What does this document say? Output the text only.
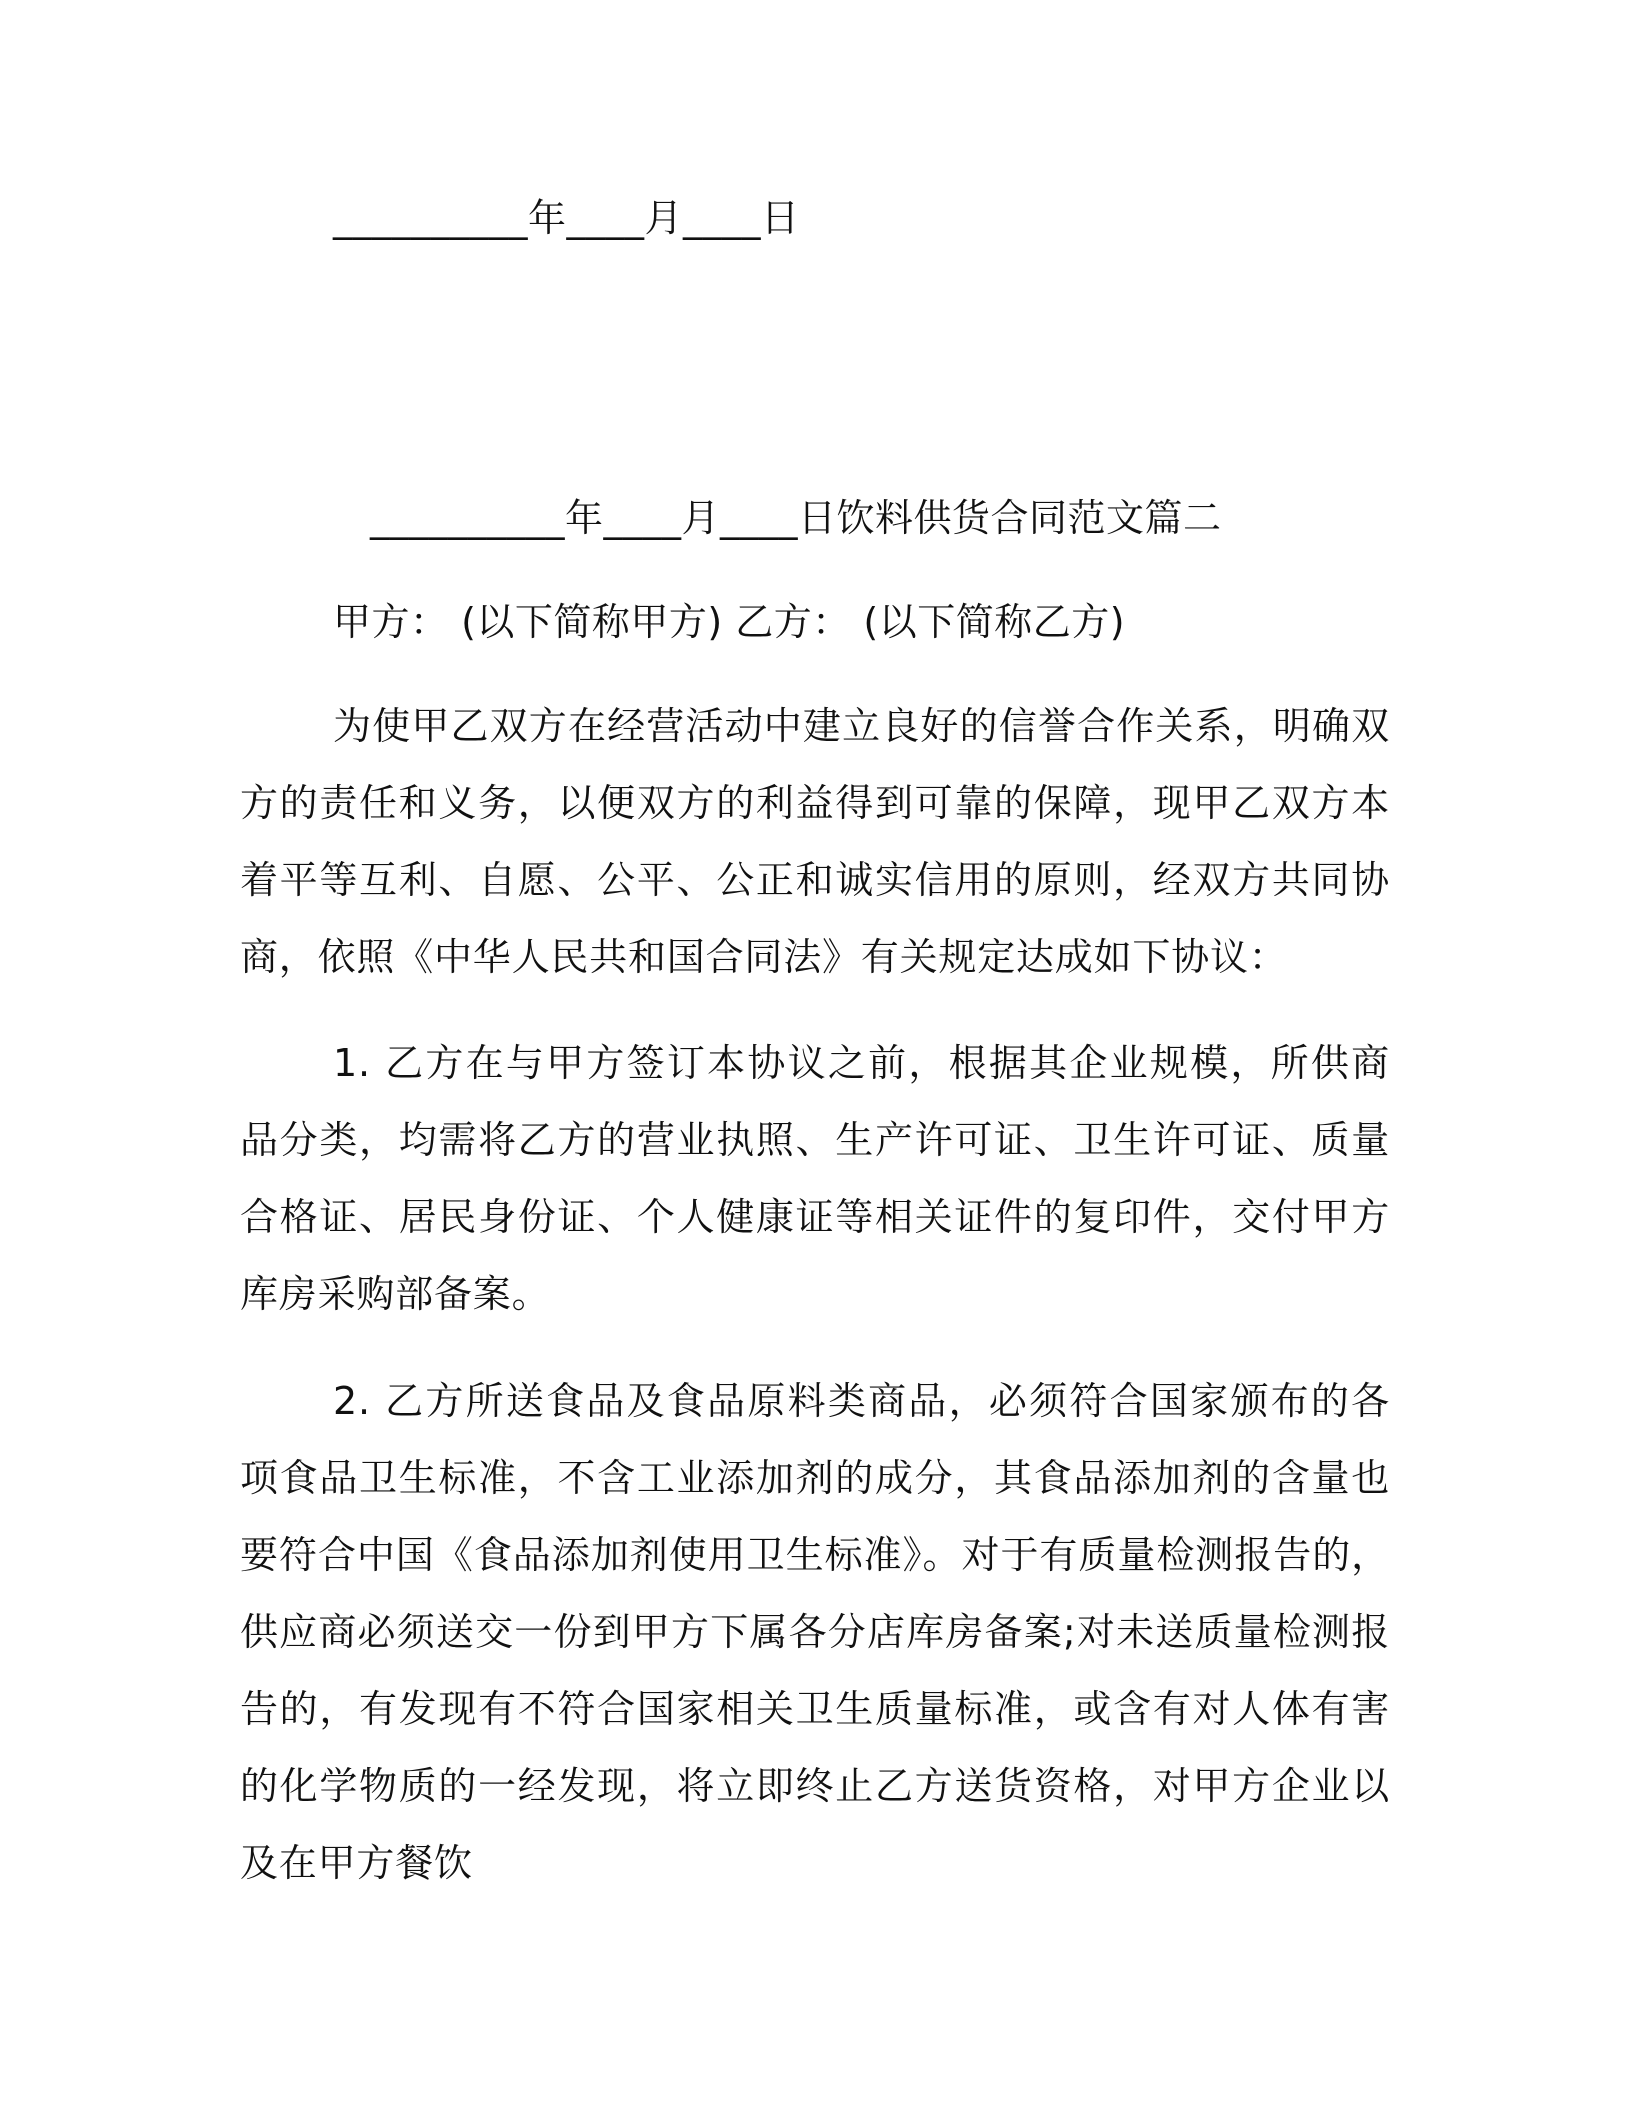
__________年____月____日
__________年____月____日饮料供货合同范文篇二
甲方： (以下简称甲方) 乙方： (以下简称乙方)

为使甲乙双方在经营活动中建立良好的信誉合作关系，明确双方的责任和义务，以便双方的利益得到可靠的保障，现甲乙双方本着平等互利、自愿、公平、公正和诚实信用的原则，经双方共同协商，依照《中华人民共和国合同法》有关规定达成如下协议：

1. 乙方在与甲方签订本协议之前，根据其企业规模，所供商品分类，均需将乙方的营业执照、生产许可证、卫生许可证、质量合格证、居民身份证、个人健康证等相关证件的复印件，交付甲方库房采购部备案。

2. 乙方所送食品及食品原料类商品，必须符合国家颁布的各项食品卫生标准，不含工业添加剂的成分，其食品添加剂的含量也要符合中国《食品添加剂使用卫生标准》。对于有质量检测报告的，供应商必须送交一份到甲方下属各分店库房备案;对未送质量检测报告的，有发现有不符合国家相关卫生质量标准，或含有对人体有害的化学物质的一经发现，将立即终止乙方送货资格，对甲方企业以及在甲方餐饮
